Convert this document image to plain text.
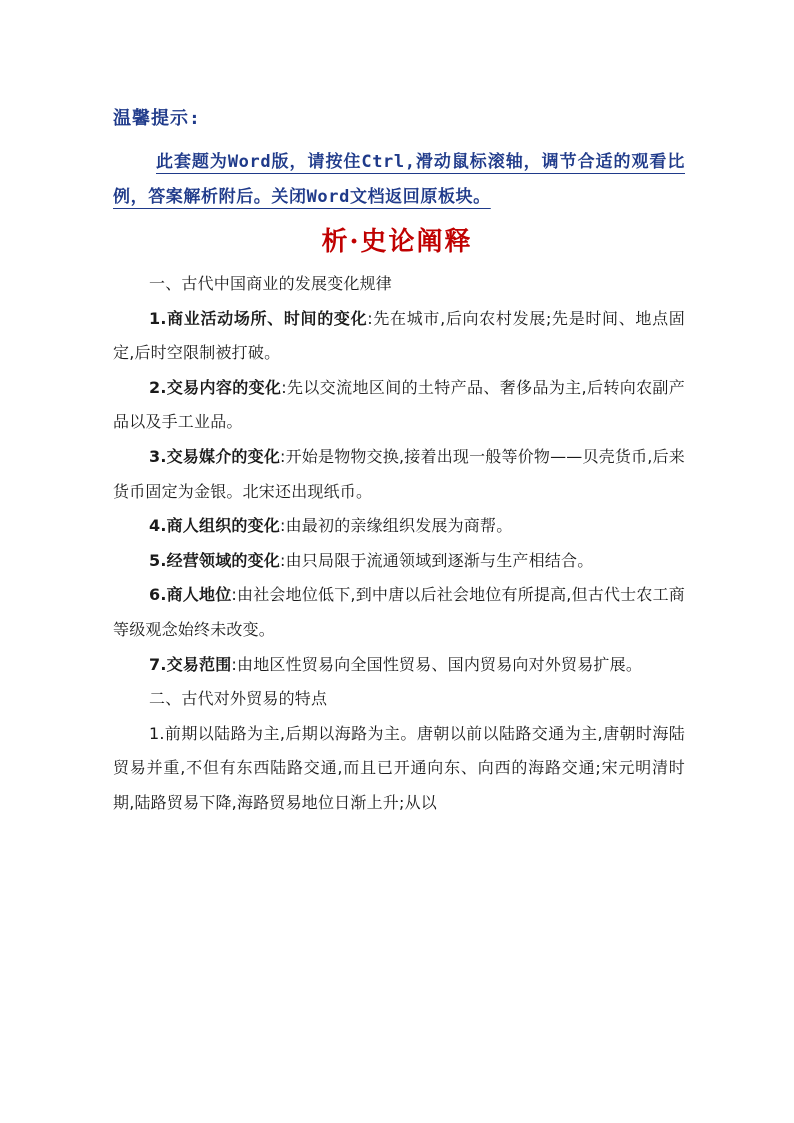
温馨提示:
此套题为Word版，请按住Ctrl,滑动鼠标滚轴，调节合适的观看比例，答案解析附后。关闭Word文档返回原板块。
析·史论阐释

一、古代中国商业的发展变化规律

1.商业活动场所、时间的变化:先在城市,后向农村发展;先是时间、地点固定,后时空限制被打破。

2.交易内容的变化:先以交流地区间的土特产品、奢侈品为主,后转向农副产品以及手工业品。

3.交易媒介的变化:开始是物物交换,接着出现一般等价物——贝壳货币,后来货币固定为金银。北宋还出现纸币。

4.商人组织的变化:由最初的亲缘组织发展为商帮。

5.经营领域的变化:由只局限于流通领域到逐渐与生产相结合。

6.商人地位:由社会地位低下,到中唐以后社会地位有所提高,但古代士农工商等级观念始终未改变。

7.交易范围:由地区性贸易向全国性贸易、国内贸易向对外贸易扩展。

二、古代对外贸易的特点

1.前期以陆路为主,后期以海路为主。唐朝以前以陆路交通为主,唐朝时海陆贸易并重,不但有东西陆路交通,而且已开通向东、向西的海路交通;宋元明清时期,陆路贸易下降,海路贸易地位日渐上升;从以
